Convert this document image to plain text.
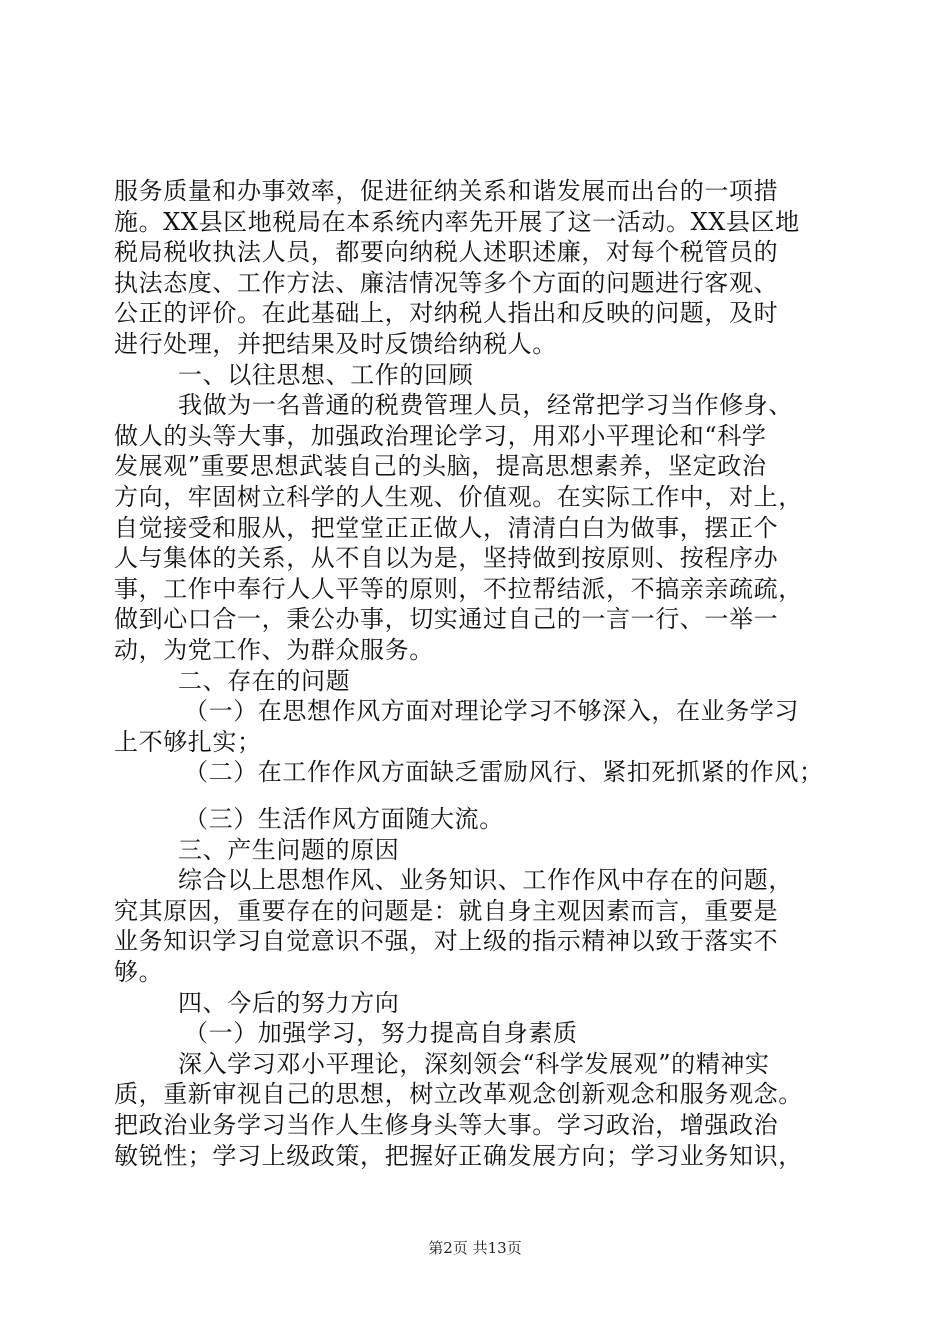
服务质量和办事效率，促进征纳关系和谐发展而出台的一项措
施。XX县区地税局在本系统内率先开展了这一活动。XX县区地
税局税收执法人员，都要向纳税人述职述廉，对每个税管员的
执法态度、工作方法、廉洁情况等多个方面的问题进行客观、
公正的评价。在此基础上，对纳税人指出和反映的问题，及时
进行处理，并把结果及时反馈给纳税人。
一、以往思想、工作的回顾
我做为一名普通的税费管理人员，经常把学习当作修身、
做人的头等大事，加强政治理论学习，用邓小平理论和“科学
发展观”重要思想武装自己的头脑，提高思想素养，坚定政治
方向，牢固树立科学的人生观、价值观。在实际工作中，对上，
自觉接受和服从，把堂堂正正做人，清清白白为做事，摆正个
人与集体的关系，从不自以为是，坚持做到按原则、按程序办
事，工作中奉行人人平等的原则，不拉帮结派，不搞亲亲疏疏，
做到心口合一，秉公办事，切实通过自己的一言一行、一举一
动，为党工作、为群众服务。
二、存在的问题
（一）在思想作风方面对理论学习不够深入，在业务学习
上不够扎实；
（二）在工作作风方面缺乏雷励风行、紧扣死抓紧的作风；
（三）生活作风方面随大流。
三、产生问题的原因
综合以上思想作风、业务知识、工作作风中存在的问题，
究其原因，重要存在的问题是：就自身主观因素而言，重要是
业务知识学习自觉意识不强，对上级的指示精神以致于落实不
够。
四、今后的努力方向
（一）加强学习，努力提高自身素质
深入学习邓小平理论，深刻领会“科学发展观”的精神实
质，重新审视自己的思想，树立改革观念创新观念和服务观念。
把政治业务学习当作人生修身头等大事。学习政治，增强政治
敏锐性；学习上级政策，把握好正确发展方向；学习业务知识，
第2页 共13页
